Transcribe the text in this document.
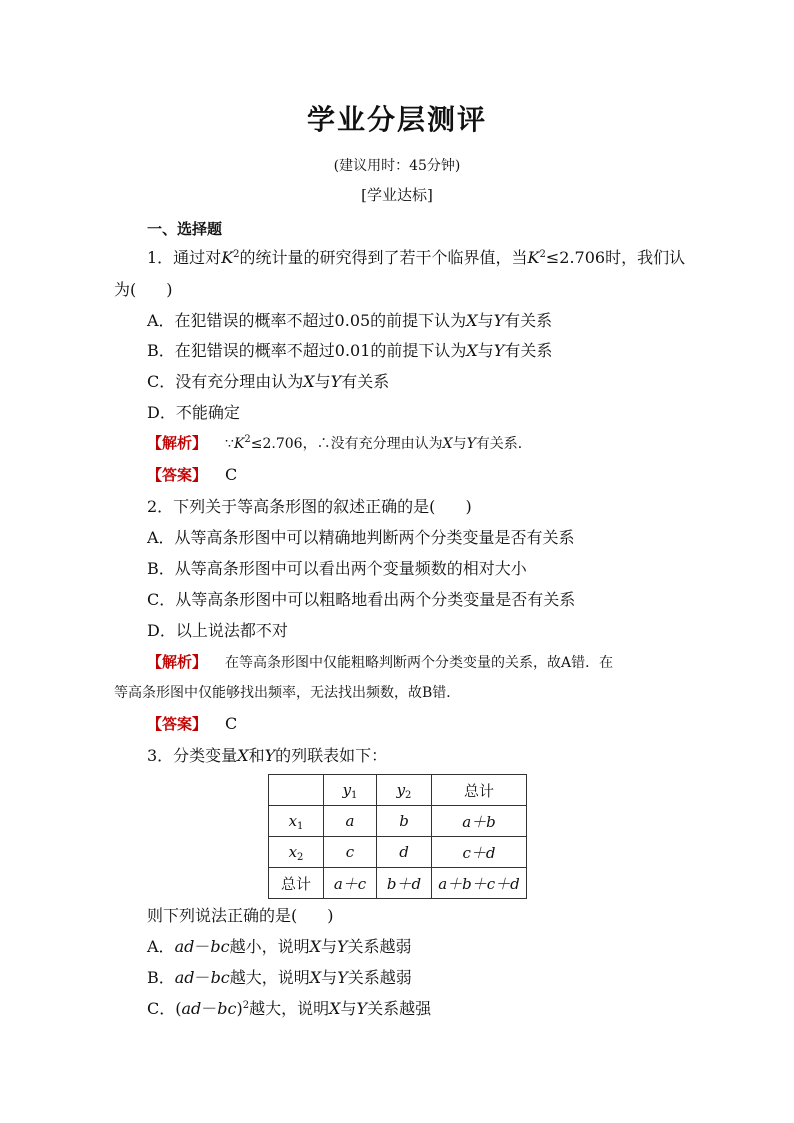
学业分层测评
(建议用时：45分钟)
[学业达标]
一、选择题
1．通过对$K^2$的统计量的研究得到了若干个临界值，当$K^2\le 2.706$时，我们认
为( )
A．在犯错误的概率不超过0.05的前提下认为X与Y有关系
B．在犯错误的概率不超过0.01的前提下认为X与Y有关系
C．没有充分理由认为X与Y有关系
D．不能确定
【解析】 $\because K^2\le 2.706$，∴没有充分理由认为X与Y有关系．
【答案】 C
2．下列关于等高条形图的叙述正确的是( )
A．从等高条形图中可以精确地判断两个分类变量是否有关系
B．从等高条形图中可以看出两个变量频数的相对大小
C．从等高条形图中可以粗略地看出两个分类变量是否有关系
D．以上说法都不对
【解析】 在等高条形图中仅能粗略判断两个分类变量的关系，故A错．在
等高条形图中仅能够找出频率，无法找出频数，故B错．
【答案】 C
3．分类变量X和Y的列联表如下：
	$y_1$	$y_2$	总计
$x_1$	a	b	a＋b
$x_2$	c	d	c＋d
总计	a＋c	b＋d	a＋b＋c＋d
则下列说法正确的是( )
A．ad－bc越小，说明X与Y关系越弱
B．ad－bc越大，说明X与Y关系越弱
C．$(ad-bc)^2$越大，说明X与Y关系越强
